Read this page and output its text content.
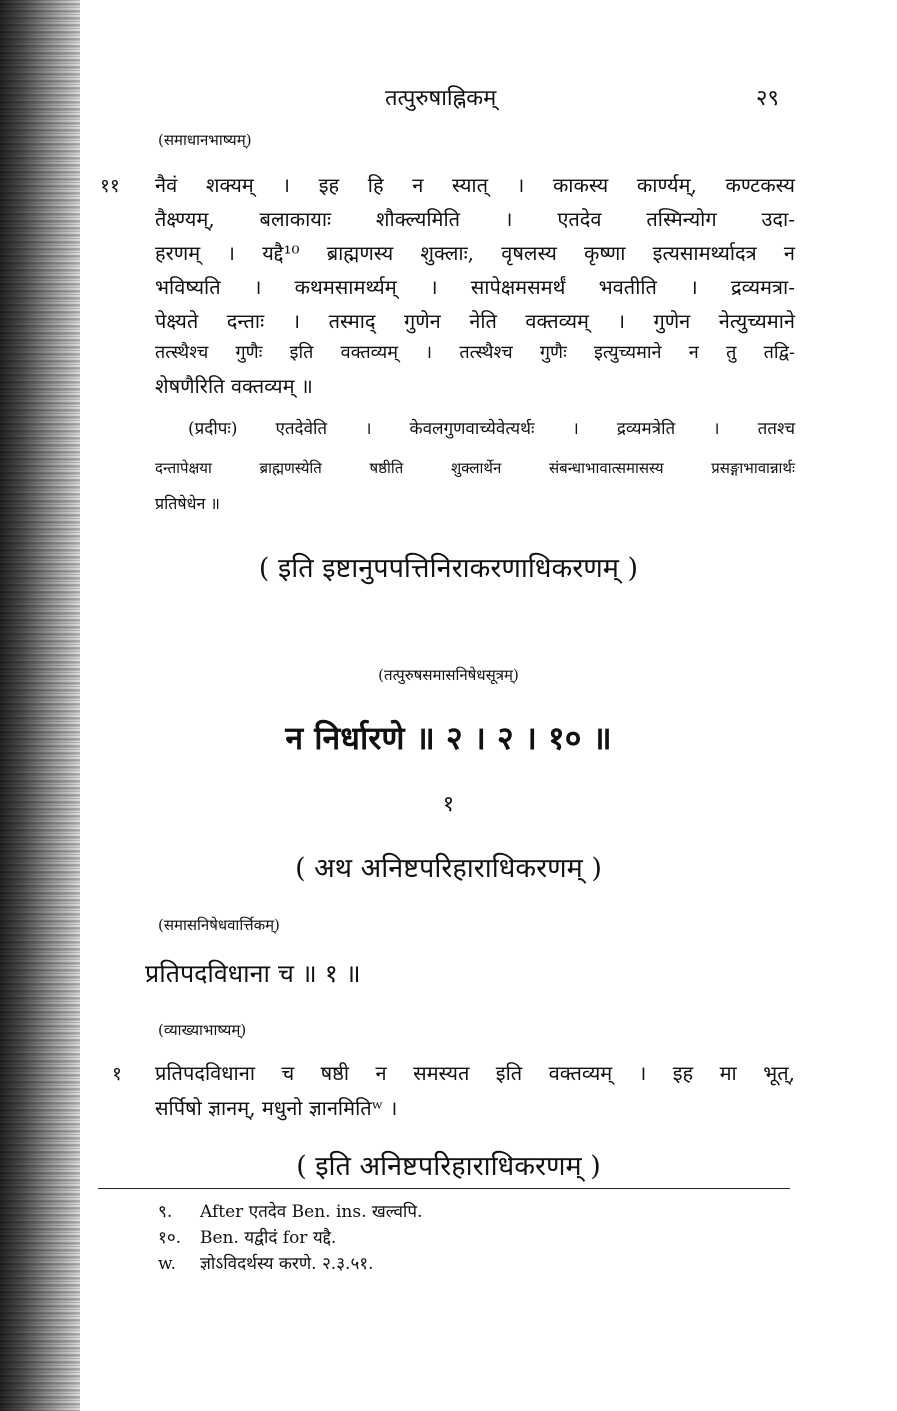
तत्पुरुषाह्निकम्	२९
(समाधानभाष्यम्)
११ नैवं शक्यम् । इह हि न स्यात् । काकस्य कार्ण्यम्, कण्टकस्य
तैक्ष्ण्यम्, बलाकायाः शौक्ल्यमिति । एतदेव तस्मिन्योग उदा-
हरणम् । यद्दै¹⁰ ब्राह्मणस्य शुक्लाः, वृषलस्य कृष्णा इत्यसामर्थ्यादत्र न
भविष्यति । कथमसामर्थ्यम् । सापेक्षमसमर्थं भवतीति । द्रव्यमत्रा-
पेक्ष्यते दन्ताः । तस्माद् गुणेन नेति वक्तव्यम् । गुणेन नेत्युच्यमाने
तत्स्थैश्च गुणैः इति वक्तव्यम् । तत्स्थैश्च गुणैः इत्युच्यमाने न तु तद्वि-
शेषणैरिति वक्तव्यम् ॥
(प्रदीपः) एतदेवेति । केवलगुणवाच्येवेत्यर्थः । द्रव्यमत्रेति । ततश्च
दन्तापेक्षया ब्राह्मणस्येति षष्ठीति शुक्लार्थेन संबन्धाभावात्समासस्य प्रसङ्गाभावान्नार्थः
प्रतिषेधेन ॥
( इति इष्टानुपपत्तिनिराकरणाधिकरणम् )
(तत्पुरुषसमासनिषेधसूत्रम्)
न निर्धारणे ॥ २ । २ । १० ॥
१
( अथ अनिष्टपरिहाराधिकरणम् )
(समासनिषेधवार्त्तिकम्)
प्रतिपदविधाना च ॥ १ ॥
(व्याख्याभाष्यम्)
१ प्रतिपदविधाना च षष्ठी न समस्यत इति वक्तव्यम् । इह मा भूत्,
सर्पिषो ज्ञानम्, मधुनो ज्ञानमितिʷ ।
( इति अनिष्टपरिहाराधिकरणम् )
९. After एतदेव Ben. ins. खल्वपि.
१०. Ben. यद्वीदं for यद्दै.
w. ज्ञोऽविदर्थस्य करणे. २.३.५१.
